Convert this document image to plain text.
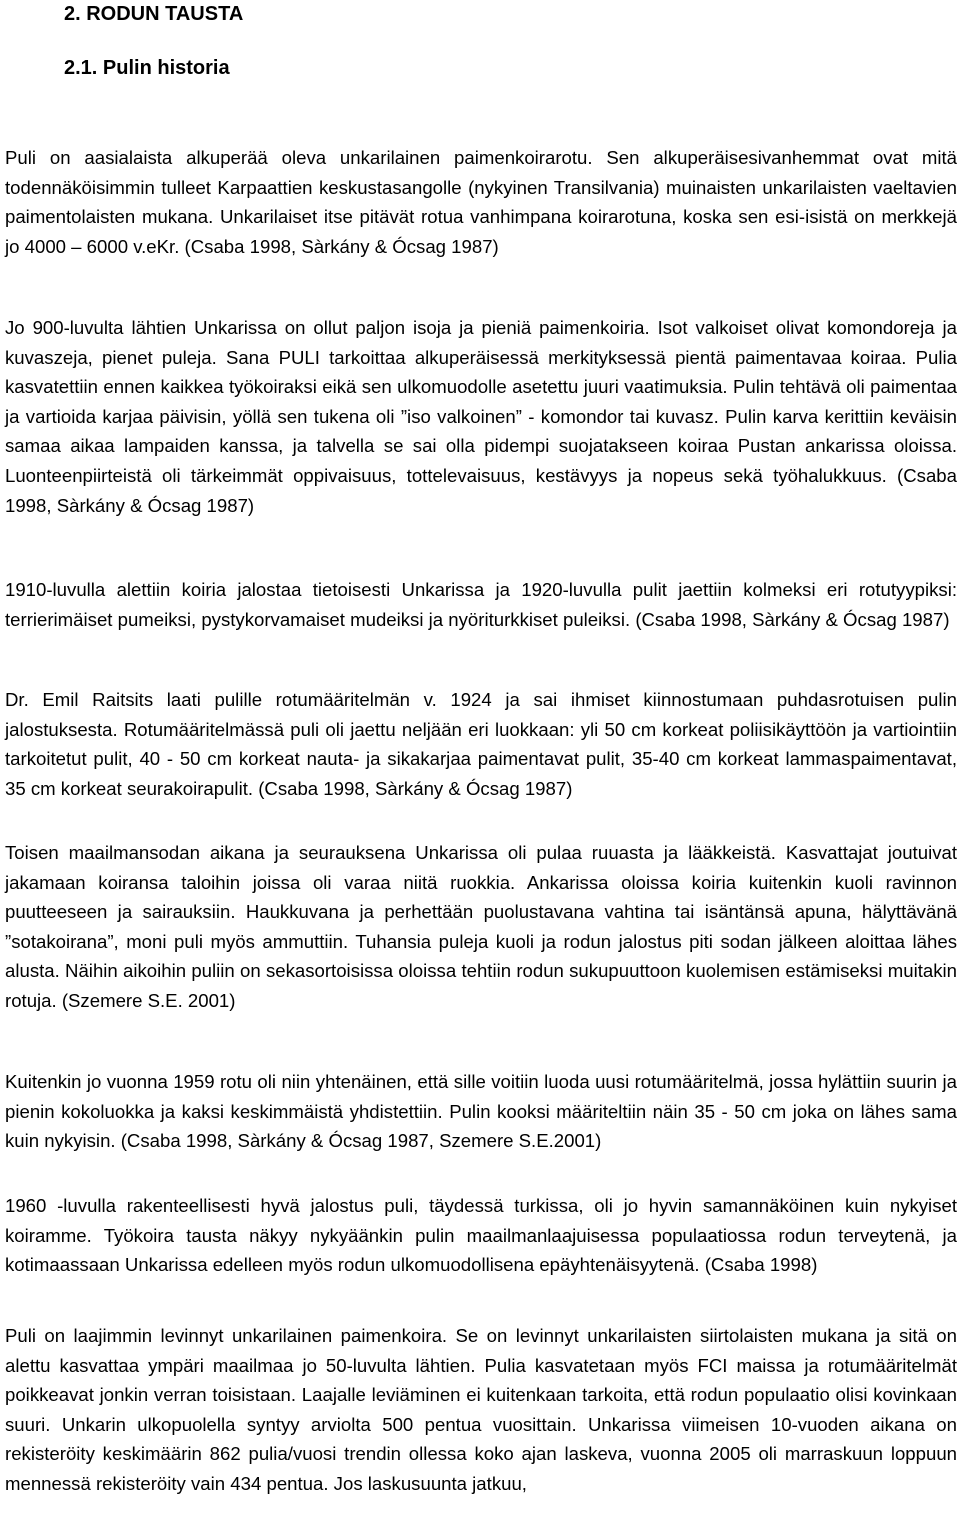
2. RODUN TAUSTA
2.1. Pulin historia

Puli on aasialaista alkuperää oleva unkarilainen paimenkoirarotu. Sen alkuperäisesivanhemmat ovat mitä todennäköisimmin tulleet Karpaattien keskustasangolle (nykyinen Transilvania) muinaisten unkarilaisten vaeltavien paimentolaisten mukana. Unkarilaiset itse pitävät rotua vanhimpana koirarotuna, koska sen esi-isistä on merkkejä jo 4000 – 6000 v.eKr. (Csaba 1998, Sàrkány & Ócsag 1987)

Jo 900-luvulta lähtien Unkarissa on ollut paljon isoja ja pieniä paimenkoiria. Isot valkoiset olivat komondoreja ja kuvaszeja, pienet puleja. Sana PULI tarkoittaa alkuperäisessä merkityksessä pientä paimentavaa koiraa. Pulia kasvatettiin ennen kaikkea työkoiraksi eikä sen ulkomuodolle asetettu juuri vaatimuksia. Pulin tehtävä oli paimentaa ja vartioida karjaa päivisin, yöllä sen tukena oli ”iso valkoinen” - komondor tai kuvasz. Pulin karva kerittiin keväisin samaa aikaa lampaiden kanssa, ja talvella se sai olla pidempi suojatakseen koiraa Pustan ankarissa oloissa. Luonteenpiirteistä oli tärkeimmät oppivaisuus, tottelevaisuus, kestävyys ja nopeus sekä työhalukkuus. (Csaba 1998, Sàrkány & Ócsag 1987)

1910-luvulla alettiin koiria jalostaa tietoisesti Unkarissa ja 1920-luvulla pulit jaettiin kolmeksi eri rotutyypiksi: terrierimäiset pumeiksi, pystykorvamaiset mudeiksi ja nyöriturkkiset puleiksi. (Csaba 1998, Sàrkány & Ócsag 1987)

Dr. Emil Raitsits laati pulille rotumääritelmän v. 1924 ja sai ihmiset kiinnostumaan puhdasrotuisen pulin jalostuksesta. Rotumääritelmässä puli oli jaettu neljään eri luokkaan: yli 50 cm korkeat poliisikäyttöön ja vartiointiin tarkoitetut pulit, 40 - 50 cm korkeat nauta- ja sikakarjaa paimentavat pulit, 35-40 cm korkeat lammaspaimentavat, 35 cm korkeat seurakoirapulit. (Csaba 1998, Sàrkány & Ócsag 1987)

Toisen maailmansodan aikana ja seurauksena Unkarissa oli pulaa ruuasta ja lääkkeistä. Kasvattajat joutuivat jakamaan koiransa taloihin joissa oli varaa niitä ruokkia. Ankarissa oloissa koiria kuitenkin kuoli ravinnon puutteeseen ja sairauksiin. Haukkuvana ja perhettään puolustavana vahtina tai isäntänsä apuna, hälyttävänä ”sotakoirana”, moni puli myös ammuttiin. Tuhansia puleja kuoli ja rodun jalostus piti sodan jälkeen aloittaa lähes alusta. Näihin aikoihin puliin on sekasortoisissa oloissa tehtiin rodun sukupuuttoon kuolemisen estämiseksi muitakin rotuja. (Szemere S.E. 2001)

Kuitenkin jo vuonna 1959 rotu oli niin yhtenäinen, että sille voitiin luoda uusi rotumääritelmä, jossa hylättiin suurin ja pienin kokoluokka ja kaksi keskimmäistä yhdistettiin. Pulin kooksi määriteltiin näin 35 - 50 cm joka on lähes sama kuin nykyisin. (Csaba 1998, Sàrkány & Ócsag 1987, Szemere S.E.2001)

1960 -luvulla rakenteellisesti hyvä jalostus puli, täydessä turkissa, oli jo hyvin samannäköinen kuin nykyiset koiramme. Työkoira tausta näkyy nykyäänkin pulin maailmanlaajuisessa populaatiossa rodun terveytenä, ja kotimaassaan Unkarissa edelleen myös rodun ulkomuodollisena epäyhtenäisyytenä. (Csaba 1998)

Puli on laajimmin levinnyt unkarilainen paimenkoira. Se on levinnyt unkarilaisten siirtolaisten mukana ja sitä on alettu kasvattaa ympäri maailmaa jo 50-luvulta lähtien. Pulia kasvatetaan myös FCI maissa ja rotumääritelmät poikkeavat jonkin verran toisistaan. Laajalle leviäminen ei kuitenkaan tarkoita, että rodun populaatio olisi kovinkaan suuri. Unkarin ulkopuolella syntyy arviolta 500 pentua vuosittain. Unkarissa viimeisen 10-vuoden aikana on rekisteröity keskimäärin 862 pulia/vuosi trendin ollessa koko ajan laskeva, vuonna 2005 oli marraskuun loppuun mennessä rekisteröity vain 434 pentua. Jos laskusuunta jatkuu,
